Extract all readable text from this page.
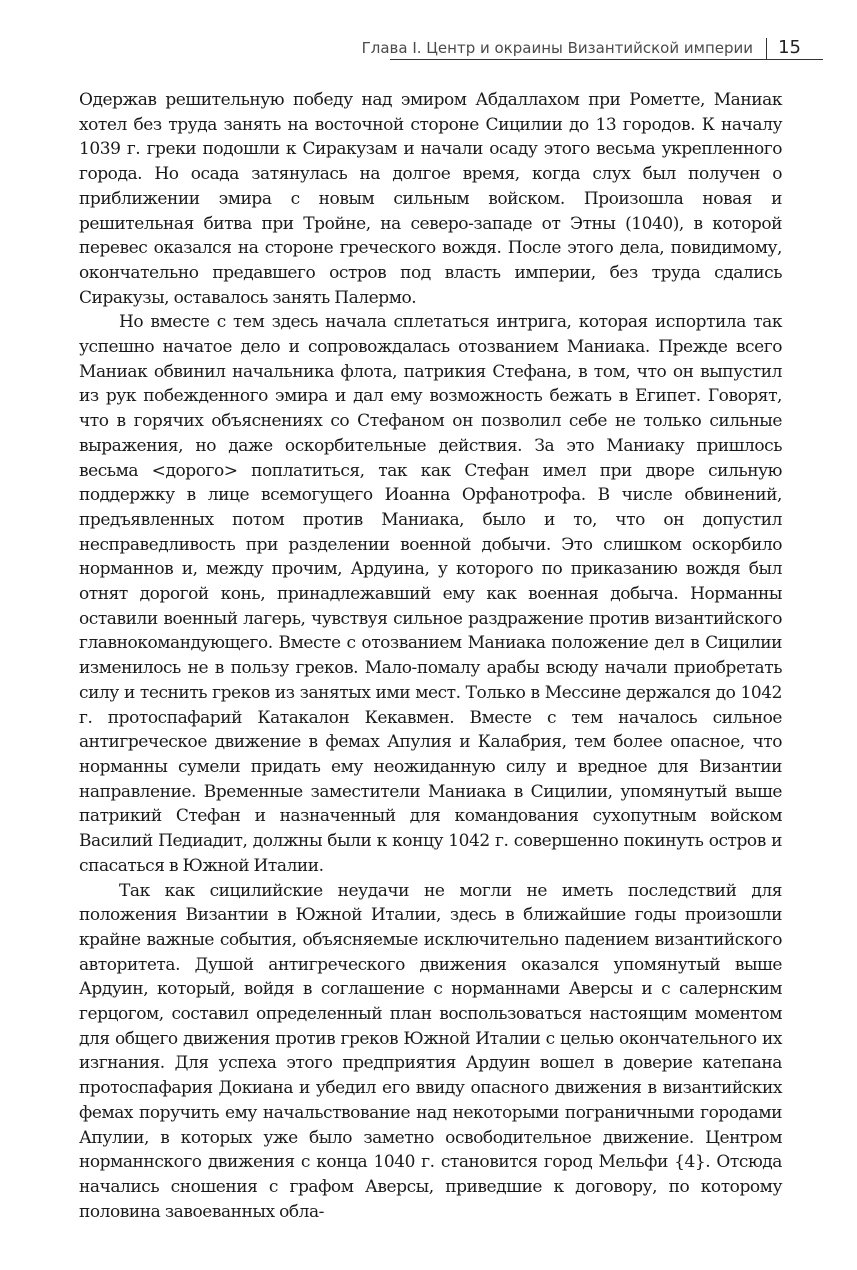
Глава I. Центр и окраины Византийской империи 15

Одержав решительную победу над эмиром Абдаллахом при Рометте, Маниак хотел без труда занять на восточной стороне Сицилии до 13 городов. К началу 1039 г. греки подошли к Сиракузам и начали осаду этого весьма укрепленного города. Но осада затянулась на долгое время, когда слух был получен о приближении эмира с новым сильным войском. Произошла новая и решительная битва при Тройне, на северо-западе от Этны (1040), в которой перевес оказался на стороне греческого вождя. После этого дела, повидимому, окончательно предавшего остров под власть империи, без труда сдались Сиракузы, оставалось занять Палермо.

Но вместе с тем здесь начала сплетаться интрига, которая испортила так успешно начатое дело и сопровождалась отозванием Маниака. Прежде всего Маниак обвинил начальника флота, патрикия Стефана, в том, что он выпустил из рук побежденного эмира и дал ему возможность бежать в Египет. Говорят, что в горячих объяснениях со Стефаном он позволил себе не только сильные выражения, но даже оскорбительные действия. За это Маниаку пришлось весьма <дорого> поплатиться, так как Стефан имел при дворе сильную поддержку в лице всемогущего Иоанна Орфанотрофа. В числе обвинений, предъявленных потом против Маниака, было и то, что он допустил несправедливость при разделении военной добычи. Это слишком оскорбило норманнов и, между прочим, Ардуина, у которого по приказанию вождя был отнят дорогой конь, принадлежавший ему как военная добыча. Норманны оставили военный лагерь, чувствуя сильное раздражение против византийского главнокомандующего. Вместе с отозванием Маниака положение дел в Сицилии изменилось не в пользу греков. Мало-помалу арабы всюду начали приобретать силу и теснить греков из занятых ими мест. Только в Мессине держался до 1042 г. протоспафарий Катакалон Кекавмен. Вместе с тем началось сильное антигреческое движение в фемах Апулия и Калабрия, тем более опасное, что норманны сумели придать ему неожиданную силу и вредное для Византии направление. Временные заместители Маниака в Сицилии, упомянутый выше патрикий Стефан и назначенный для командования сухопутным войском Василий Педиадит, должны были к концу 1042 г. совершенно покинуть остров и спасаться в Южной Италии.

Так как сицилийские неудачи не могли не иметь последствий для положения Византии в Южной Италии, здесь в ближайшие годы произошли крайне важные события, объясняемые исключительно падением византийского авторитета. Душой антигреческого движения оказался упомянутый выше Ардуин, который, войдя в соглашение с норманнами Аверсы и с салернским герцогом, составил определенный план воспользоваться настоящим моментом для общего движения против греков Южной Италии с целью окончательного их изгнания. Для успеха этого предприятия Ардуин вошел в доверие катепана протоспафария Докиана и убедил его ввиду опасного движения в византийских фемах поручить ему начальствование над некоторыми пограничными городами Апулии, в которых уже было заметно освободительное движение. Центром норманнского движения с конца 1040 г. становится город Мельфи {4}. Отсюда начались сношения с графом Аверсы, приведшие к договору, по которому половина завоеванных обла-
